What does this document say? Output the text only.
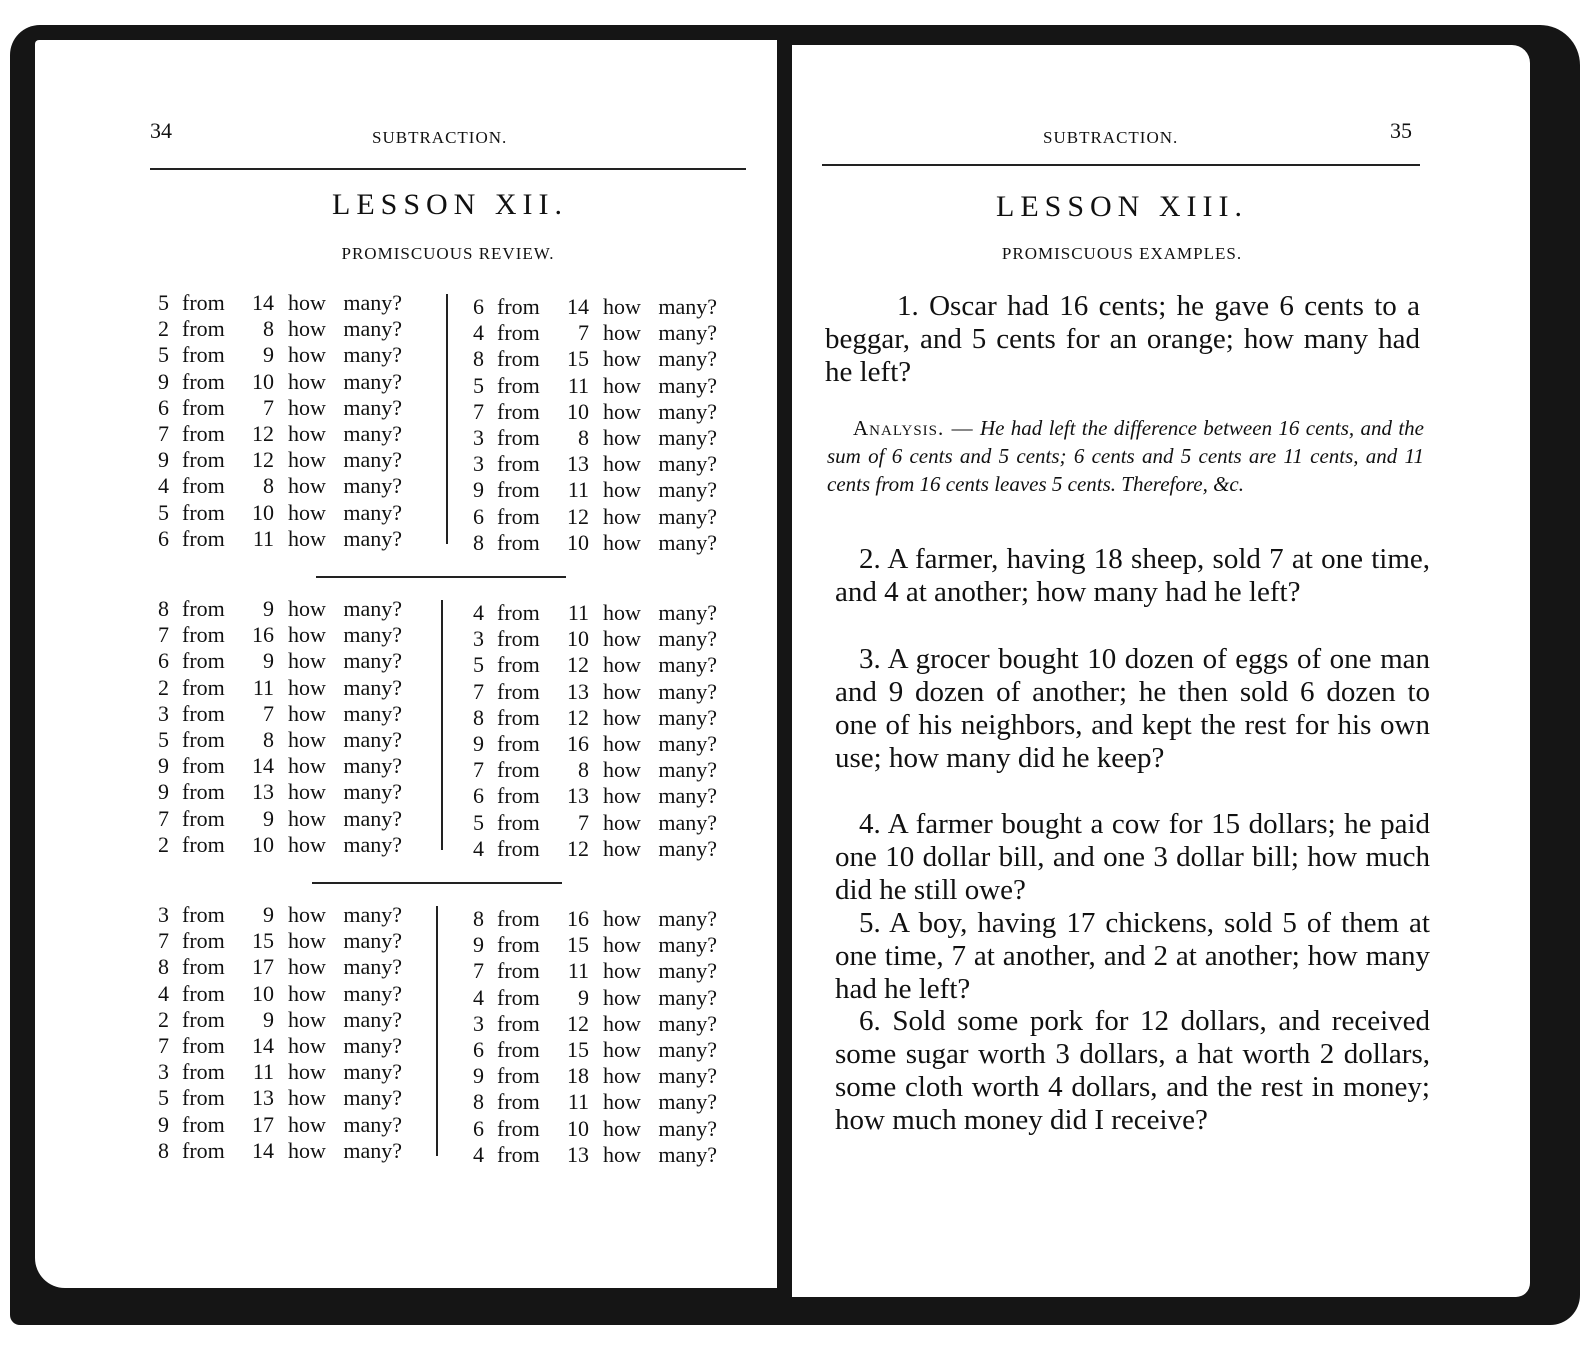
34	SUBTRACTION.
LESSON XII.
PROMISCUOUS REVIEW.
5 from 14 how many?
2 from	8 how many?
5 from	9 how many?
9 from 10 how many?
6 from	7 how many?
7 from 12 how many?
9 from 12 how many?
4 from	8 how many?
5 from 10 how many?
6 from 11 how many?
6 from 14 how many?
4 from	7 how many?
8 from 15 how many?
5 from 11 how many?
7 from 10 how many?
3 from	8 how many?
3 from 13 how many?
9 from 11 how many?
6 from 12 how many?
8 from 10 how many?
8 from	9 how many?
7 from 16 how many?
6 from	9 how many?
2 from 11 how many?
3 from	7 how many?
5 from	8 how many?
9 from 14 how many?
9 from 13 how many?
7 from	9 how many?
2 from 10 how many?
4 from 11 how many?
3 from 10 how many?
5 from 12 how many?
7 from 13 how many?
8 from 12 how many?
9 from 16 how many?
7 from	8 how many?
6 from 13 how many?
5 from	7 how many?
4 from 12 how many?
3 from	9 how many?
7 from 15 how many?
8 from 17 how many?
4 from 10 how many?
2 from	9 how many?
7 from 14 how many?
3 from 11 how many?
5 from 13 how many?
9 from 17 how many?
8 from 14 how many?
8 from 16 how many?
9 from 15 how many?
7 from 11 how many?
4 from	9 how many?
3 from 12 how many?
6 from 15 how many?
9 from 18 how many?
8 from 11 how many?
6 from 10 how many?
4 from 13 how many?
SUBTRACTION.	35
LESSON XIII.
PROMISCUOUS EXAMPLES.
1. Oscar had 16 cents; he gave 6 cents to a beggar, and 5 cents for an orange; how many had he left?
Analysis. — He had left the difference between 16 cents, and the sum of 6 cents and 5 cents; 6 cents and 5 cents are 11 cents, and 11 cents from 16 cents leaves 5 cents. Therefore, &c.
2. A farmer, having 18 sheep, sold 7 at one time, and 4 at another; how many had he left?
3. A grocer bought 10 dozen of eggs of one man and 9 dozen of another; he then sold 6 dozen to one of his neighbors, and kept the rest for his own use; how many did he keep?
4. A farmer bought a cow for 15 dollars; he paid one 10 dollar bill, and one 3 dollar bill; how much did he still owe?
5. A boy, having 17 chickens, sold 5 of them at one time, 7 at another, and 2 at another; how many had he left?
6. Sold some pork for 12 dollars, and received some sugar worth 3 dollars, a hat worth 2 dollars, some cloth worth 4 dollars, and the rest in money; how much money did I receive?
